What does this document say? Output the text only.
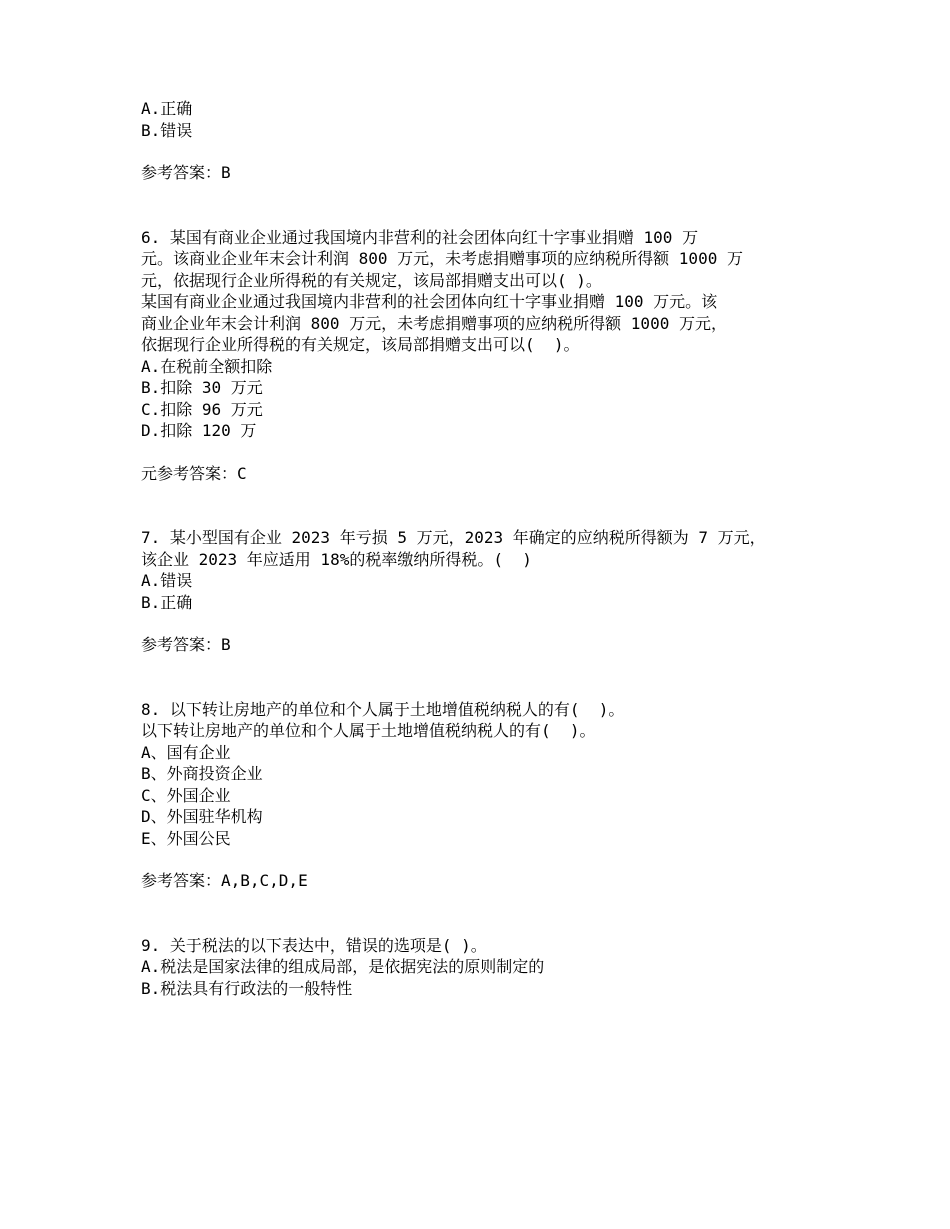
A.正确
B.错误
参考答案：B
6. 某国有商业企业通过我国境内非营利的社会团体向红十字事业捐赠 100 万
元。该商业企业年末会计利润 800 万元，未考虑捐赠事项的应纳税所得额 1000 万
元，依据现行企业所得税的有关规定，该局部捐赠支出可以( )。
某国有商业企业通过我国境内非营利的社会团体向红十字事业捐赠 100 万元。该
商业企业年末会计利润 800 万元，未考虑捐赠事项的应纳税所得额 1000 万元，
依据现行企业所得税的有关规定，该局部捐赠支出可以(  )。
A.在税前全额扣除
B.扣除 30 万元
C.扣除 96 万元
D.扣除 120 万
元参考答案：C
7. 某小型国有企业 2023 年亏损 5 万元，2023 年确定的应纳税所得额为 7 万元，
该企业 2023 年应适用 18%的税率缴纳所得税。(  )
A.错误
B.正确
参考答案：B
8. 以下转让房地产的单位和个人属于土地增值税纳税人的有(  )。
以下转让房地产的单位和个人属于土地增值税纳税人的有(  )。
A、国有企业
B、外商投资企业
C、外国企业
D、外国驻华机构
E、外国公民
参考答案：A,B,C,D,E
9. 关于税法的以下表达中，错误的选项是( )。
A.税法是国家法律的组成局部，是依据宪法的原则制定的
B.税法具有行政法的一般特性
